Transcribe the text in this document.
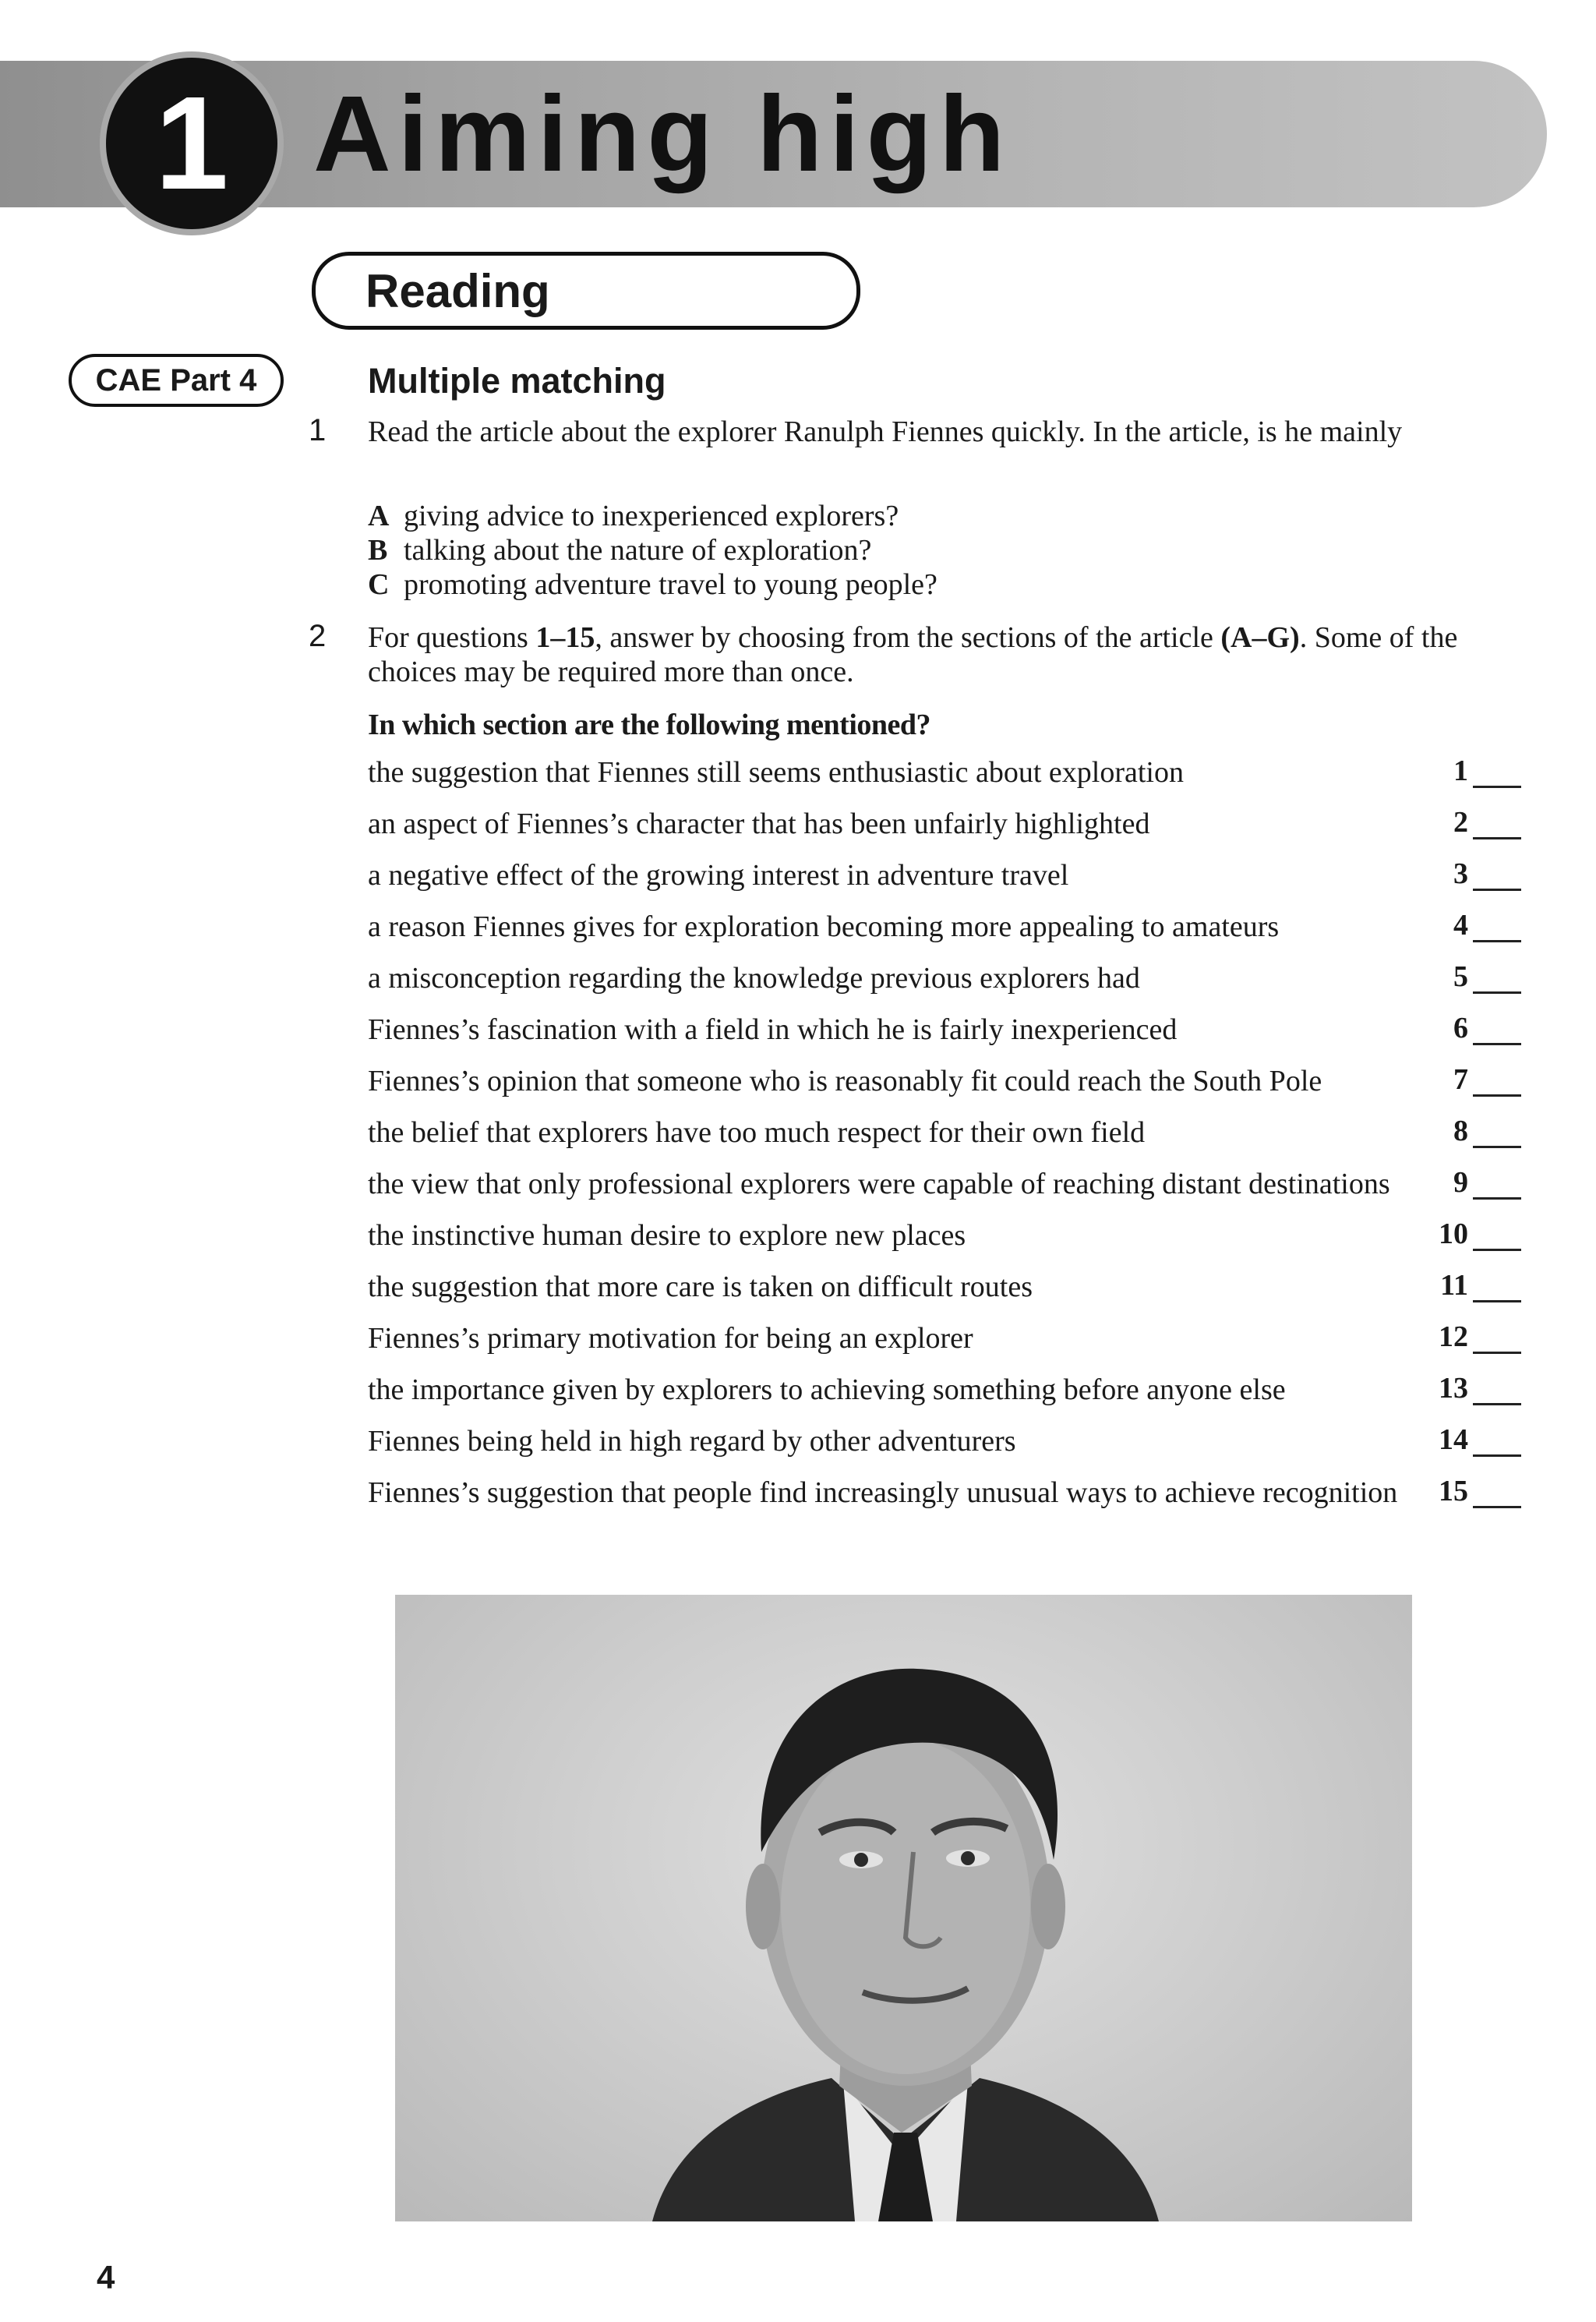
1 Aiming high
Reading
CAE Part 4	Multiple matching
1 Read the article about the explorer Ranulph Fiennes quickly. In the article, is he mainly
A giving advice to inexperienced explorers?
B talking about the nature of exploration?
C promoting adventure travel to young people?
2 For questions 1–15, answer by choosing from the sections of the article (A–G). Some of the choices may be required more than once.
In which section are the following mentioned?
the suggestion that Fiennes still seems enthusiastic about exploration	1
an aspect of Fiennes’s character that has been unfairly highlighted	2
a negative effect of the growing interest in adventure travel	3
a reason Fiennes gives for exploration becoming more appealing to amateurs	4
a misconception regarding the knowledge previous explorers had	5
Fiennes’s fascination with a field in which he is fairly inexperienced	6
Fiennes’s opinion that someone who is reasonably fit could reach the South Pole	7
the belief that explorers have too much respect for their own field	8
the view that only professional explorers were capable of reaching distant destinations	9
the instinctive human desire to explore new places	10
the suggestion that more care is taken on difficult routes	11
Fiennes’s primary motivation for being an explorer	12
the importance given by explorers to achieving something before anyone else	13
Fiennes being held in high regard by other adventurers	14
Fiennes’s suggestion that people find increasingly unusual ways to achieve recognition	15
4
